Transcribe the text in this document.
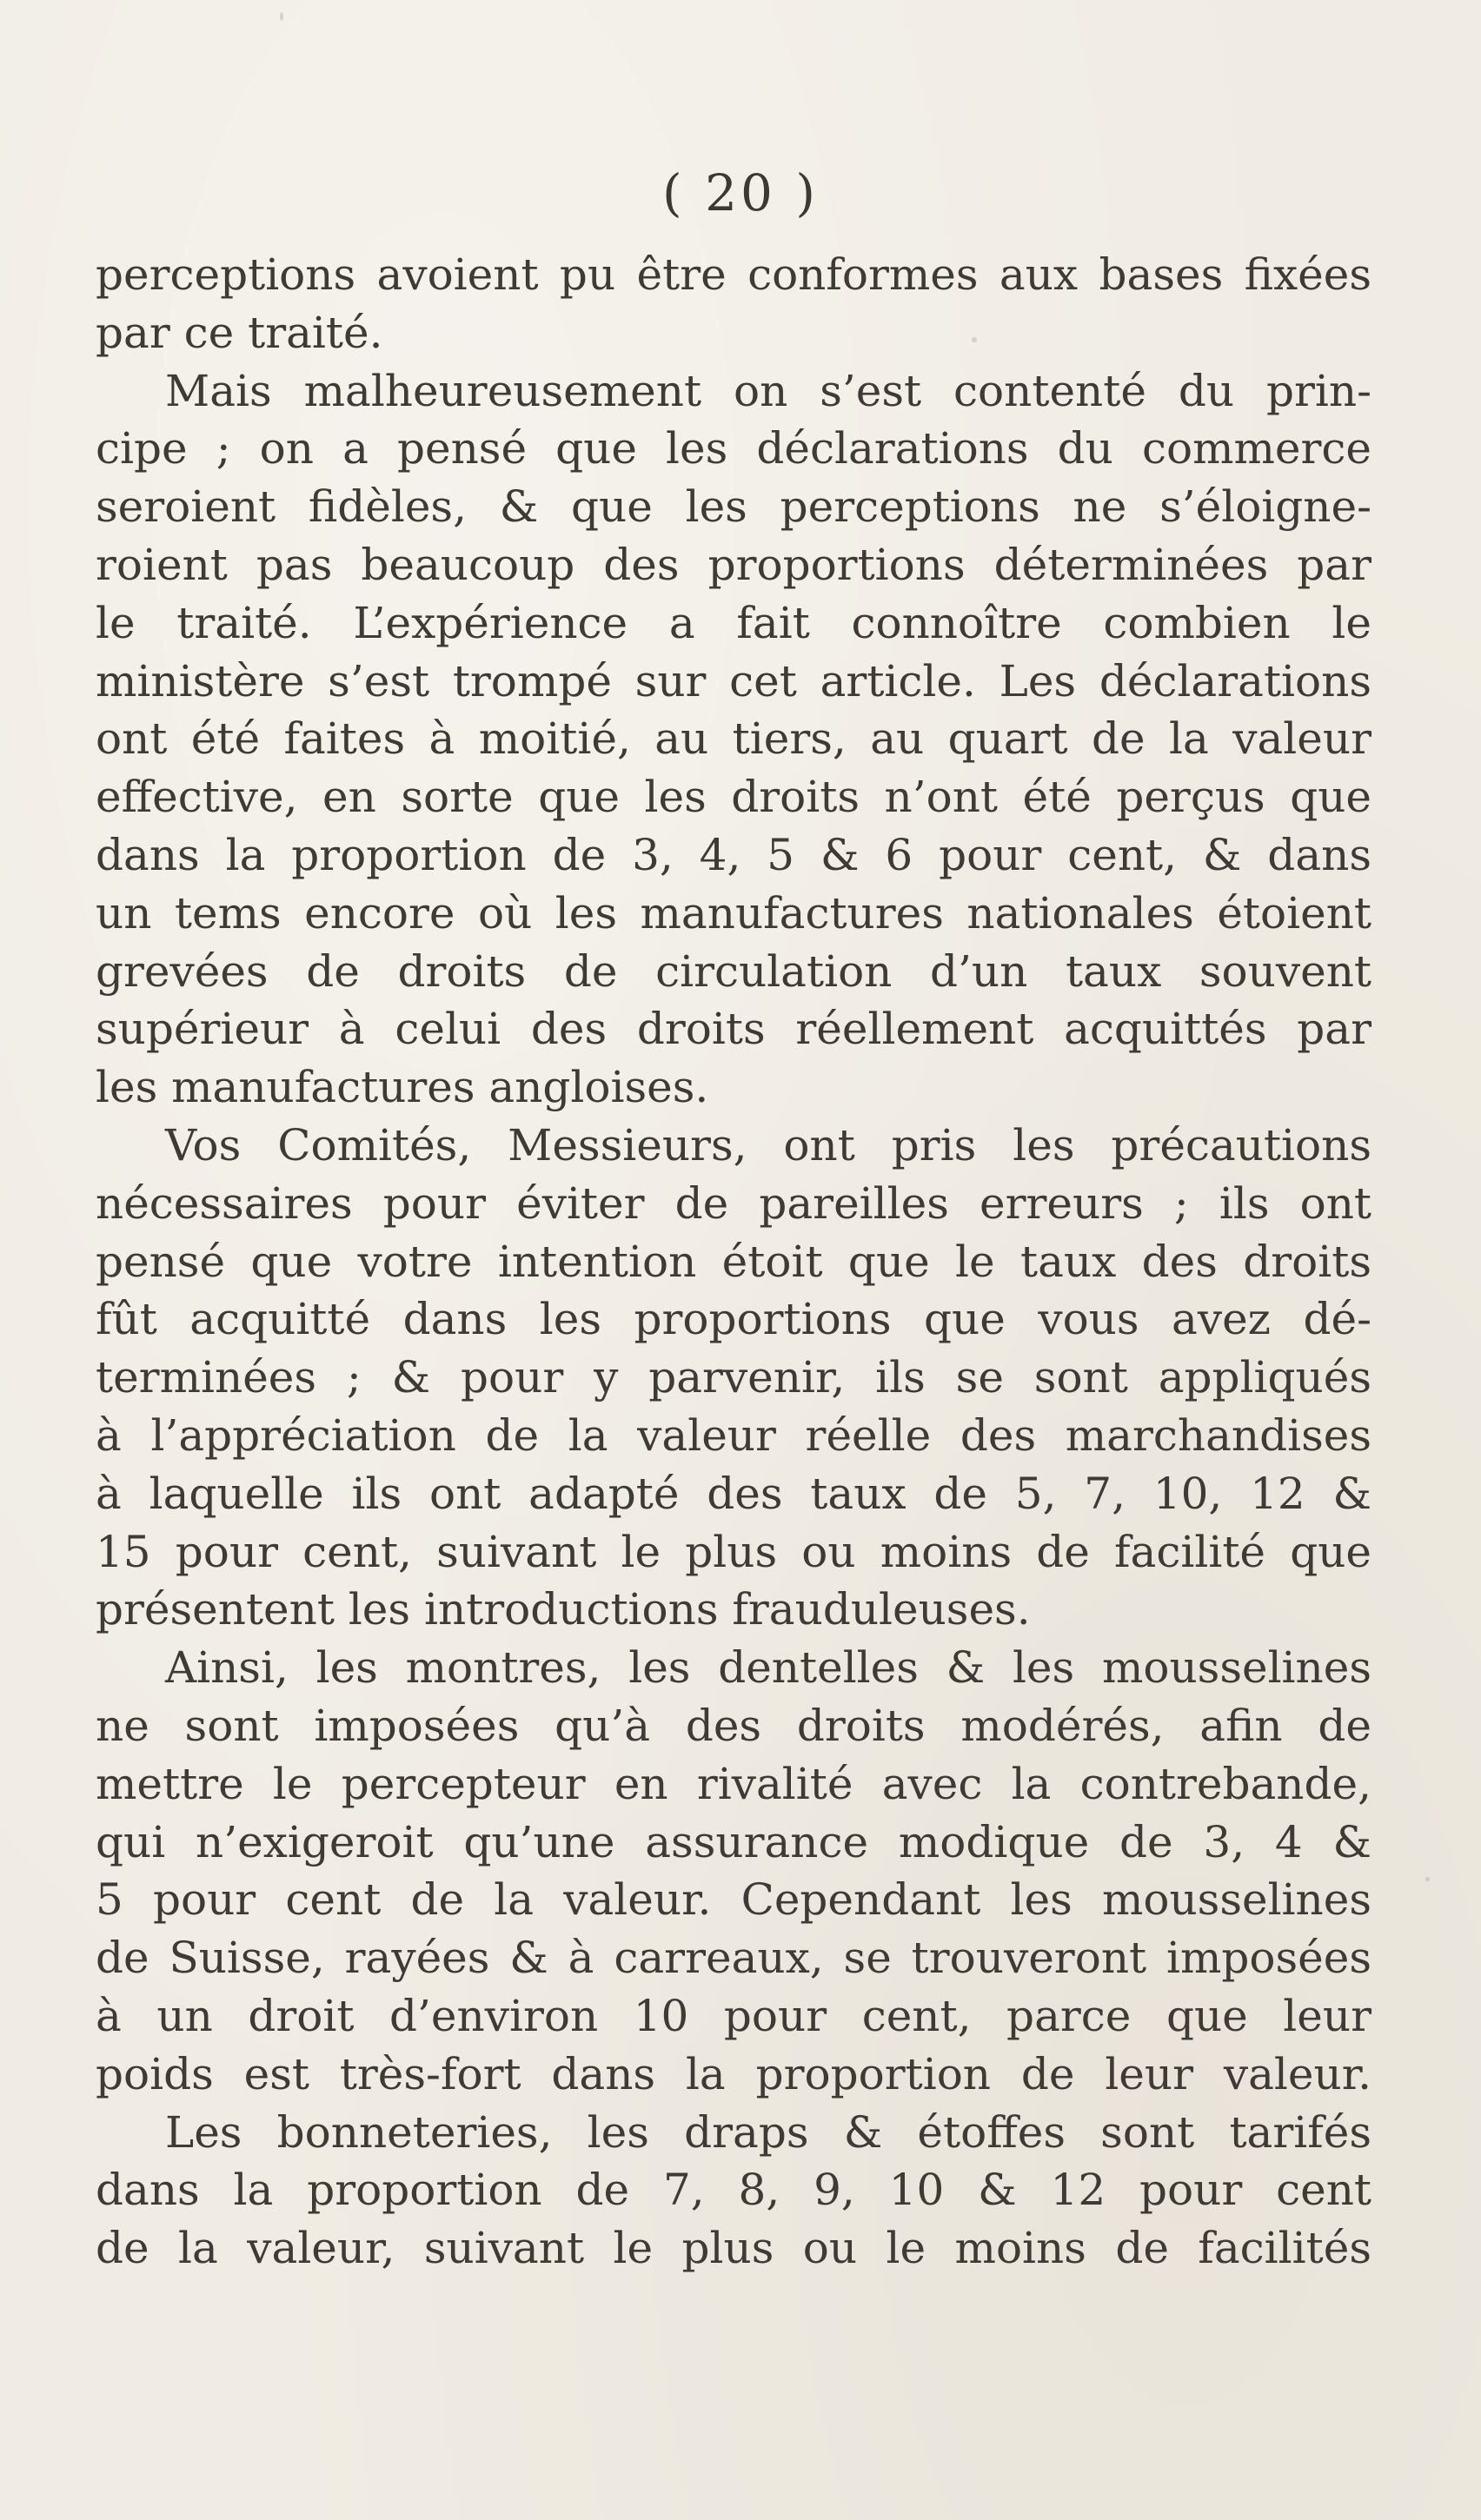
( 20 )
perceptions avoient pu être conformes aux bases fixées
par ce traité.
Mais malheureusement on s’est contenté du prin-
cipe ; on a pensé que les déclarations du commerce
seroient fidèles, & que les perceptions ne s’éloigne-
roient pas beaucoup des proportions déterminées par
le traité. L’expérience a fait connoître combien le
ministère s’est trompé sur cet article. Les déclarations
ont été faites à moitié, au tiers, au quart de la valeur
effective, en sorte que les droits n’ont été perçus que
dans la proportion de 3, 4, 5 & 6 pour cent, & dans
un tems encore où les manufactures nationales étoient
grevées de droits de circulation d’un taux souvent
supérieur à celui des droits réellement acquittés par
les manufactures angloises.
Vos Comités, Messieurs, ont pris les précautions
nécessaires pour éviter de pareilles erreurs ; ils ont
pensé que votre intention étoit que le taux des droits
fût acquitté dans les proportions que vous avez dé-
terminées ; & pour y parvenir, ils se sont appliqués
à l’appréciation de la valeur réelle des marchandises
à laquelle ils ont adapté des taux de 5, 7, 10, 12 &
15 pour cent, suivant le plus ou moins de facilité que
présentent les introductions frauduleuses.
Ainsi, les montres, les dentelles & les mousselines
ne sont imposées qu’à des droits modérés, afin de
mettre le percepteur en rivalité avec la contrebande,
qui n’exigeroit qu’une assurance modique de 3, 4 &
5 pour cent de la valeur. Cependant les mousselines
de Suisse, rayées & à carreaux, se trouveront imposées
à un droit d’environ 10 pour cent, parce que leur
poids est très-fort dans la proportion de leur valeur.
Les bonneteries, les draps & étoffes sont tarifés
dans la proportion de 7, 8, 9, 10 & 12 pour cent
de la valeur, suivant le plus ou le moins de facilités
